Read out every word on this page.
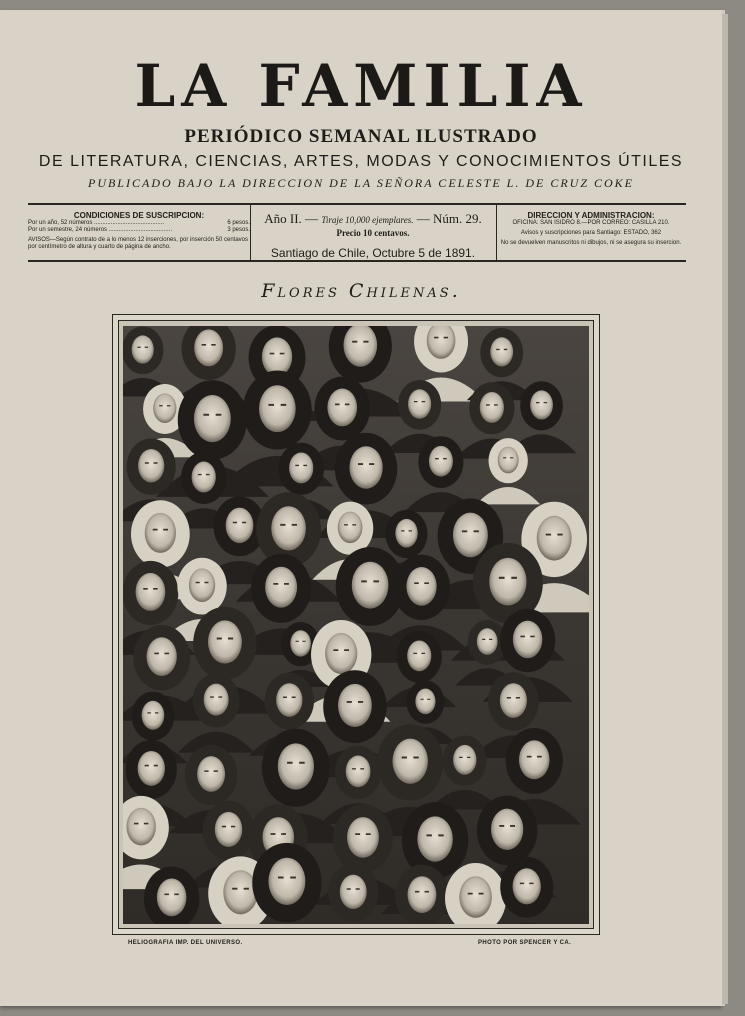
LA FAMILIA
PERIÓDICO SEMANAL ILUSTRADO
DE LITERATURA, CIENCIAS, ARTES, MODAS Y CONOCIMIENTOS ÚTILES
PUBLICADO BAJO LA DIRECCION DE LA SEÑORA CELESTE L. DE CRUZ COKE
CONDICIONES DE SUSCRIPCION:
Por un año, 52 números ..........................................	6 pesos.
Por un semestre, 24 números ......................................	3 pesos.
AVISOS—Según contrato de a lo menos 12 inserciones, por inserción 50 centavos por centímetro de altura y cuarto de página de ancho.
Año II. — Tiraje 10,000 ejemplares. — Núm. 29.
Precio 10 centavos.
Santiago de Chile, Octubre 5 de 1891.
DIRECCION Y ADMINISTRACION:
OFICINA: SAN ISIDRO 8.—POR CORREO: CASILLA 210.
Avisos y suscripciones para Santiago: ESTADO, 362
No se devuelven manuscritos ni dibujos, ni se asegura su insercion.
Flores Chilenas.
HELIOGRAFIA IMP. DEL UNIVERSO.	PHOTO POR SPENCER Y CA.
